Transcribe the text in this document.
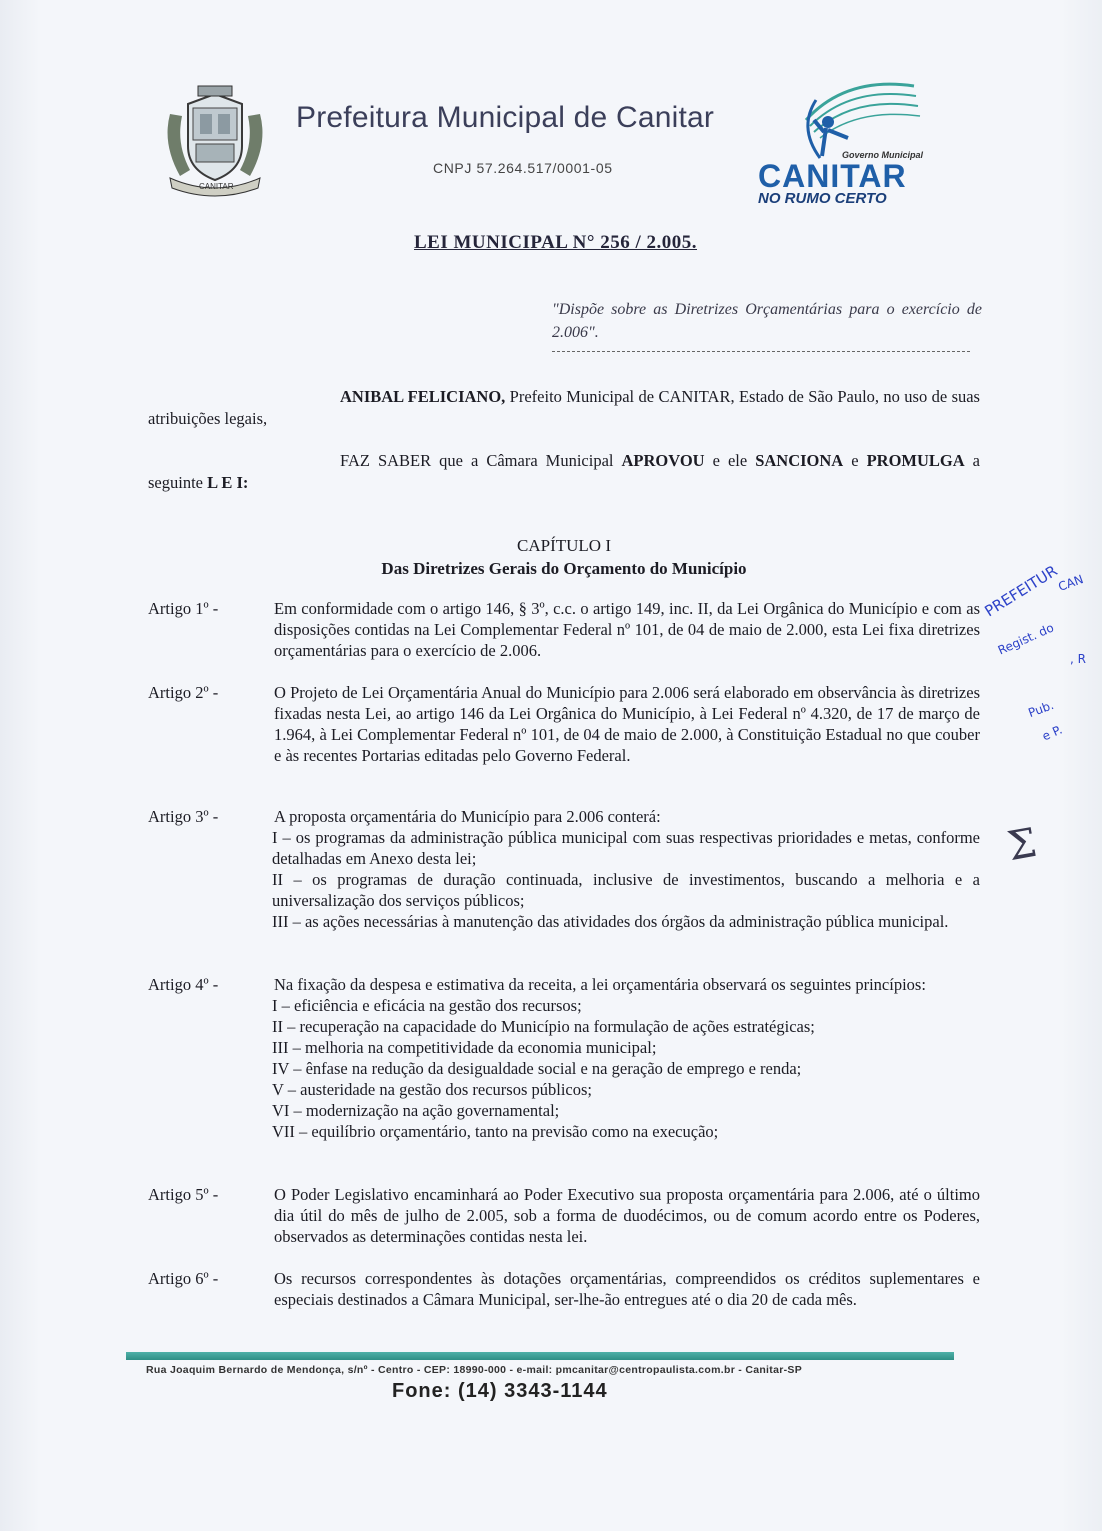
CANITAR
Prefeitura Municipal de Canitar
CNPJ 57.264.517/0001-05
Governo Municipal
CANITAR
NO RUMO CERTO
LEI MUNICIPAL N° 256 / 2.005.
"Dispõe sobre as Diretrizes Orçamentárias para o exercício de 2.006".
ANIBAL FELICIANO, Prefeito Municipal de CANITAR, Estado de São Paulo, no uso de suas atribuições legais,
FAZ SABER que a Câmara Municipal APROVOU e ele SANCIONA e PROMULGA a seguinte L E I:
CAPÍTULO I
Das Diretrizes Gerais do Orçamento do Município
Artigo 1º -	Em conformidade com o artigo 146, § 3º, c.c. o artigo 149, inc. II, da Lei Orgânica do Município e com as disposições contidas na Lei Complementar Federal nº 101, de 04 de maio de 2.000, esta Lei fixa diretrizes orçamentárias para o exercício de 2.006.
Artigo 2º -	O Projeto de Lei Orçamentária Anual do Município para 2.006 será elaborado em observância às diretrizes fixadas nesta Lei, ao artigo 146 da Lei Orgânica do Município, à Lei Federal nº 4.320, de 17 de março de 1.964, à Lei Complementar Federal nº 101, de 04 de maio de 2.000, à Constituição Estadual no que couber e às recentes Portarias editadas pelo Governo Federal.
Artigo 3º -	A proposta orçamentária do Município para 2.006 conterá:
I – os programas da administração pública municipal com suas respectivas prioridades e metas, conforme detalhadas em Anexo desta lei;
II – os programas de duração continuada, inclusive de investimentos, buscando a melhoria e a universalização dos serviços públicos;
III – as ações necessárias à manutenção das atividades dos órgãos da administração pública municipal.
Artigo 4º -	Na fixação da despesa e estimativa da receita, a lei orçamentária observará os seguintes princípios:
I – eficiência e eficácia na gestão dos recursos;
II – recuperação na capacidade do Município na formulação de ações estratégicas;
III – melhoria na competitividade da economia municipal;
IV – ênfase na redução da desigualdade social e na geração de emprego e renda;
V – austeridade na gestão dos recursos públicos;
VI – modernização na ação governamental;
VII – equilíbrio orçamentário, tanto na previsão como na execução;
Artigo 5º -	O Poder Legislativo encaminhará ao Poder Executivo sua proposta orçamentária para 2.006, até o último dia útil do mês de julho de 2.005, sob a forma de duodécimos, ou de comum acordo entre os Poderes, observados as determinações contidas nesta lei.
Artigo 6º -	Os recursos correspondentes às dotações orçamentárias, compreendidos os créditos suplementares e especiais destinados a Câmara Municipal, ser-lhe-ão entregues até o dia 20 de cada mês.
PREFEITUR
CAN
Regist. do
, R
Pub.
e P.
Σ
Rua Joaquim Bernardo de Mendonça, s/nº - Centro - CEP: 18990-000 - e-mail: pmcanitar@centropaulista.com.br - Canitar-SP
Fone: (14) 3343-1144
